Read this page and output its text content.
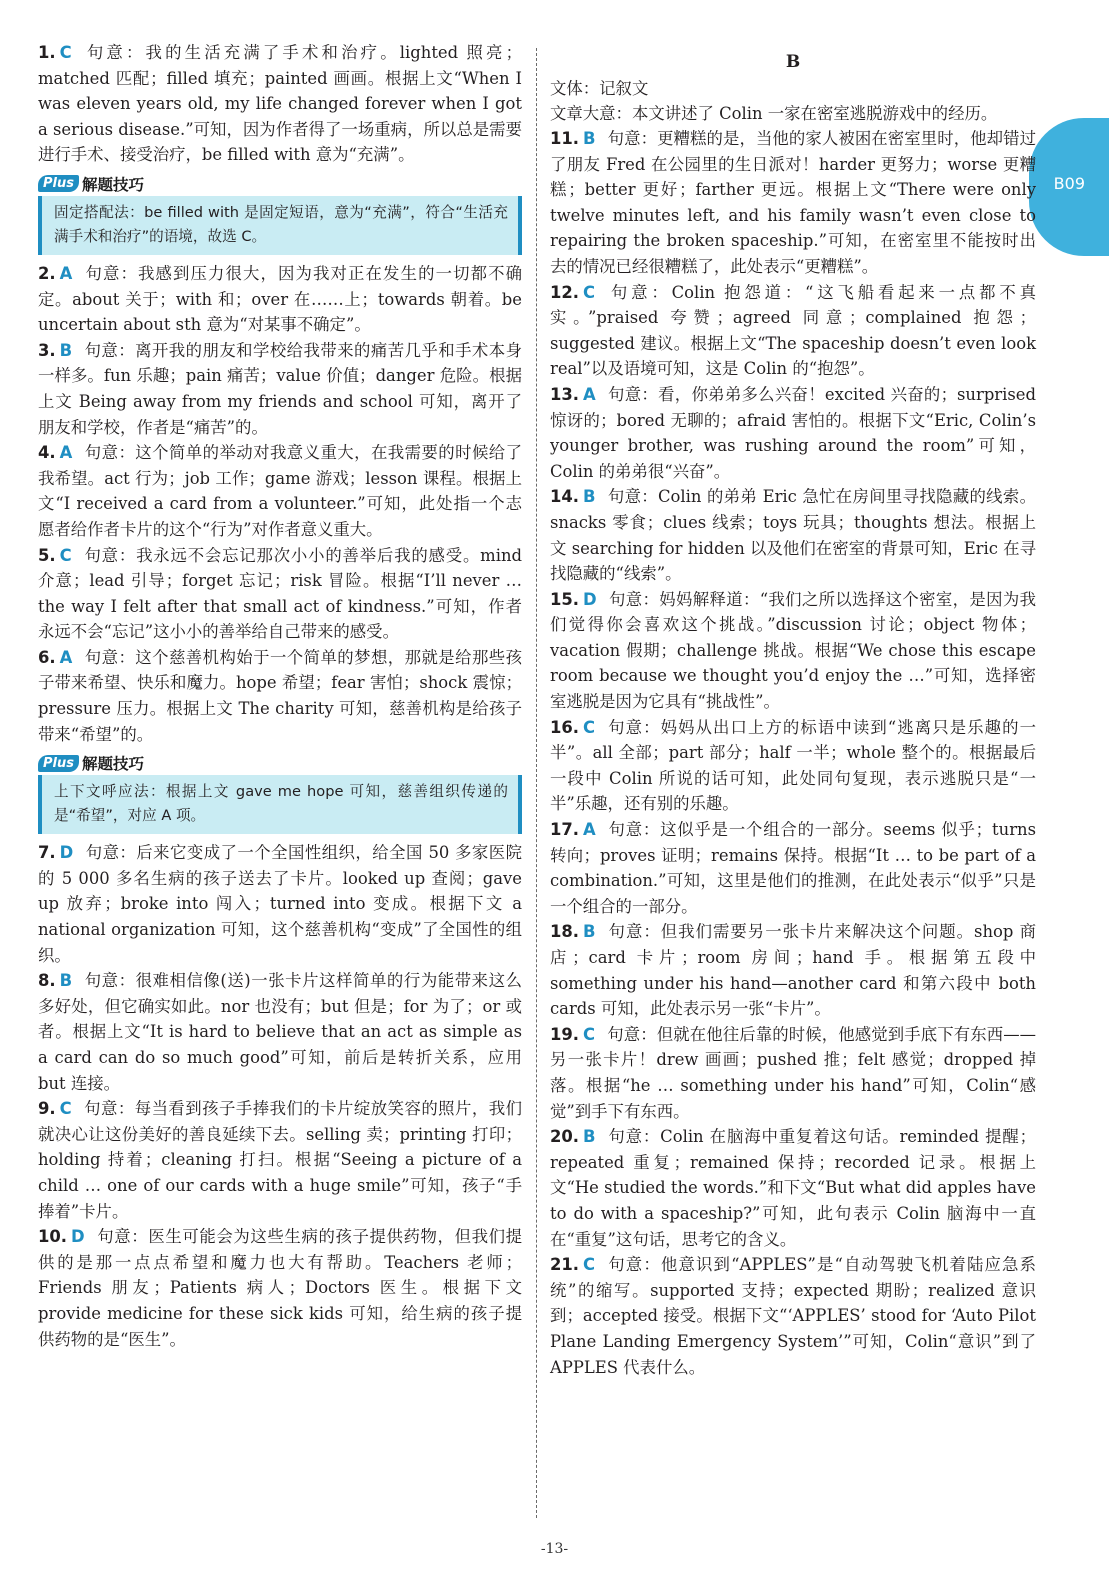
B09

1. C 句意：我的生活充满了手术和治疗。lighted 照亮；matched 匹配；filled 填充；painted 画画。根据上文“When I was eleven years old, my life changed forever when I got a serious disease.”可知，因为作者得了一场重病，所以总是需要进行手术、接受治疗，be filled with 意为“充满”。

Plus 解题技巧
固定搭配法：be filled with 是固定短语，意为“充满”，符合“生活充满手术和治疗”的语境，故选 C。

2. A 句意：我感到压力很大，因为我对正在发生的一切都不确定。about 关于；with 和；over 在……上；towards 朝着。be uncertain about sth 意为“对某事不确定”。

3. B 句意：离开我的朋友和学校给我带来的痛苦几乎和手术本身一样多。fun 乐趣；pain 痛苦；value 价值；danger 危险。根据上文 Being away from my friends and school 可知，离开了朋友和学校，作者是“痛苦”的。

4. A 句意：这个简单的举动对我意义重大，在我需要的时候给了我希望。act 行为；job 工作；game 游戏；lesson 课程。根据上文“I received a card from a volunteer.”可知，此处指一个志愿者给作者卡片的这个“行为”对作者意义重大。

5. C 句意：我永远不会忘记那次小小的善举后我的感受。mind 介意；lead 引导；forget 忘记；risk 冒险。根据“I’ll never … the way I felt after that small act of kindness.”可知，作者永远不会“忘记”这小小的善举给自己带来的感受。

6. A 句意：这个慈善机构始于一个简单的梦想，那就是给那些孩子带来希望、快乐和魔力。hope 希望；fear 害怕；shock 震惊；pressure 压力。根据上文 The charity 可知，慈善机构是给孩子带来“希望”的。

Plus 解题技巧
上下文呼应法：根据上文 gave me hope 可知，慈善组织传递的是“希望”，对应 A 项。

7. D 句意：后来它变成了一个全国性组织，给全国 50 多家医院的 5 000 多名生病的孩子送去了卡片。looked up 查阅；gave up 放弃；broke into 闯入；turned into 变成。根据下文 a national organization 可知，这个慈善机构“变成”了全国性的组织。

8. B 句意：很难相信像(送)一张卡片这样简单的行为能带来这么多好处，但它确实如此。nor 也没有；but 但是；for 为了；or 或者。根据上文“It is hard to believe that an act as simple as a card can do so much good”可知，前后是转折关系，应用 but 连接。

9. C 句意：每当看到孩子手捧我们的卡片绽放笑容的照片，我们就决心让这份美好的善良延续下去。selling 卖；printing 打印；holding 持着；cleaning 打扫。根据“Seeing a picture of a child … one of our cards with a huge smile”可知，孩子“手捧着”卡片。

10. D 句意：医生可能会为这些生病的孩子提供药物，但我们提供的是那一点点希望和魔力也大有帮助。Teachers 老师；Friends 朋友；Patients 病人；Doctors 医生。根据下文 provide medicine for these sick kids 可知，给生病的孩子提供药物的是“医生”。

B

文体：记叙文

文章大意：本文讲述了 Colin 一家在密室逃脱游戏中的经历。

11. B 句意：更糟糕的是，当他的家人被困在密室里时，他却错过了朋友 Fred 在公园里的生日派对！harder 更努力；worse 更糟糕；better 更好；farther 更远。根据上文“There were only twelve minutes left, and his family wasn’t even close to repairing the broken spaceship.”可知，在密室里不能按时出去的情况已经很糟糕了，此处表示“更糟糕”。

12. C 句意：Colin 抱怨道：“这飞船看起来一点都不真实。”praised 夸赞；agreed 同意；complained 抱怨；suggested 建议。根据上文“The spaceship doesn’t even look real”以及语境可知，这是 Colin 的“抱怨”。

13. A 句意：看，你弟弟多么兴奋！excited 兴奋的；surprised 惊讶的；bored 无聊的；afraid 害怕的。根据下文“Eric, Colin’s younger brother, was rushing around the room”可知，Colin 的弟弟很“兴奋”。

14. B 句意：Colin 的弟弟 Eric 急忙在房间里寻找隐藏的线索。snacks 零食；clues 线索；toys 玩具；thoughts 想法。根据上文 searching for hidden 以及他们在密室的背景可知，Eric 在寻找隐藏的“线索”。

15. D 句意：妈妈解释道：“我们之所以选择这个密室，是因为我们觉得你会喜欢这个挑战。”discussion 讨论；object 物体；vacation 假期；challenge 挑战。根据“We chose this escape room because we thought you’d enjoy the …”可知，选择密室逃脱是因为它具有“挑战性”。

16. C 句意：妈妈从出口上方的标语中读到“逃离只是乐趣的一半”。all 全部；part 部分；half 一半；whole 整个的。根据最后一段中 Colin 所说的话可知，此处同句复现，表示逃脱只是“一半”乐趣，还有别的乐趣。

17. A 句意：这似乎是一个组合的一部分。seems 似乎；turns 转向；proves 证明；remains 保持。根据“It … to be part of a combination.”可知，这里是他们的推测，在此处表示“似乎”只是一个组合的一部分。

18. B 句意：但我们需要另一张卡片来解决这个问题。shop 商店；card 卡片；room 房间；hand 手。根据第五段中 something under his hand—another card 和第六段中 both cards 可知，此处表示另一张“卡片”。

19. C 句意：但就在他往后靠的时候，他感觉到手底下有东西——另一张卡片！drew 画画；pushed 推；felt 感觉；dropped 掉落。根据“he … something under his hand”可知，Colin“感觉”到手下有东西。

20. B 句意：Colin 在脑海中重复着这句话。reminded 提醒；repeated 重复；remained 保持；recorded 记录。根据上文“He studied the words.”和下文“But what did apples have to do with a spaceship?”可知，此句表示 Colin 脑海中一直在“重复”这句话，思考它的含义。

21. C 句意：他意识到“APPLES”是“自动驾驶飞机着陆应急系统”的缩写。supported 支持；expected 期盼；realized 意识到；accepted 接受。根据下文“‘APPLES’ stood for ‘Auto Pilot Plane Landing Emergency System’”可知，Colin“意识”到了 APPLES 代表什么。

-13-
